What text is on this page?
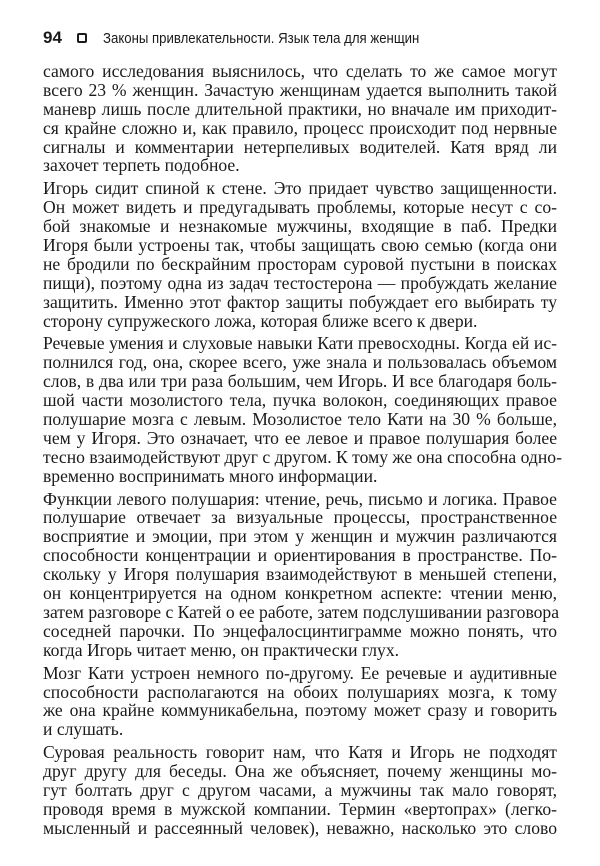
94	Законы привлекательности. Язык тела для женщин
самого исследования выяснилось, что сделать то же самое могут
всего 23 % женщин. Зачастую женщинам удается выполнить такой
маневр лишь после длительной практики, но вначале им приходит-
ся крайне сложно и, как правило, процесс происходит под нервные
сигналы и комментарии нетерпеливых водителей. Катя вряд ли
захочет терпеть подобное.
Игорь сидит спиной к стене. Это придает чувство защищенности.
Он может видеть и предугадывать проблемы, которые несут с со-
бой знакомые и незнакомые мужчины, входящие в паб. Предки
Игоря были устроены так, чтобы защищать свою семью (когда они
не бродили по бескрайним просторам суровой пустыни в поисках
пищи), поэтому одна из задач тестостерона — пробуждать желание
защитить. Именно этот фактор защиты побуждает его выбирать ту
сторону супружеского ложа, которая ближе всего к двери.
Речевые умения и слуховые навыки Кати превосходны. Когда ей ис-
полнился год, она, скорее всего, уже знала и пользовалась объемом
слов, в два или три раза большим, чем Игорь. И все благодаря боль-
шой части мозолистого тела, пучка волокон, соединяющих правое
полушарие мозга с левым. Мозолистое тело Кати на 30 % больше,
чем у Игоря. Это означает, что ее левое и правое полушария более
тесно взаимодействуют друг с другом. К тому же она способна одно-
временно воспринимать много информации.
Функции левого полушария: чтение, речь, письмо и логика. Правое
полушарие отвечает за визуальные процессы, пространственное
восприятие и эмоции, при этом у женщин и мужчин различаются
способности концентрации и ориентирования в пространстве. По-
скольку у Игоря полушария взаимодействуют в меньшей степени,
он концентрируется на одном конкретном аспекте: чтении меню,
затем разговоре с Катей о ее работе, затем подслушивании разговора
соседней парочки. По энцефалосцинтиграмме можно понять, что
когда Игорь читает меню, он практически глух.
Мозг Кати устроен немного по-другому. Ее речевые и аудитивные
способности располагаются на обоих полушариях мозга, к тому
же она крайне коммуникабельна, поэтому может сразу и говорить
и слушать.
Суровая реальность говорит нам, что Катя и Игорь не подходят
друг другу для беседы. Она же объясняет, почему женщины мо-
гут болтать друг с другом часами, а мужчины так мало говорят,
проводя время в мужской компании. Термин «вертопрах» (легко-
мысленный и рассеянный человек), неважно, насколько это слово
